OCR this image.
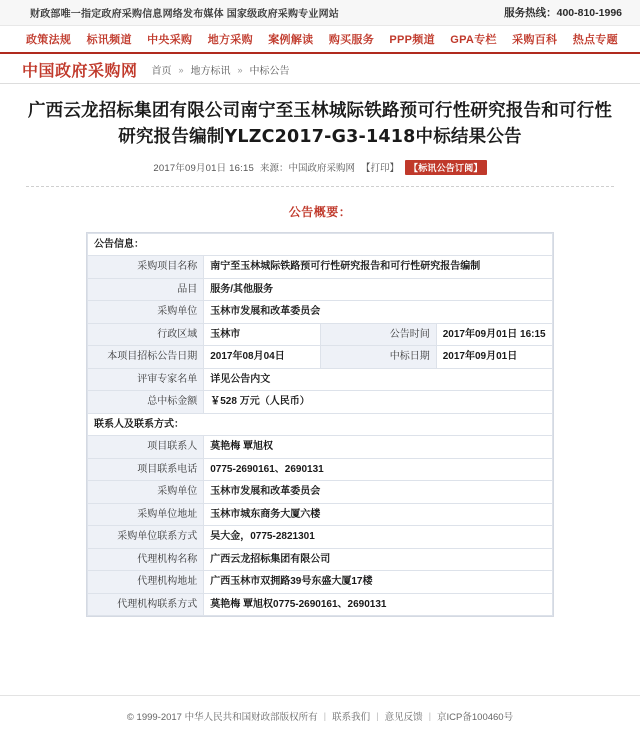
财政部唯一指定政府采购信息网络发布媒体 国家级政府采购专业网站	服务热线：400-810-1996
政策法规 标讯频道 中央采购 地方采购 案例解读 购买服务 PPP频道 GPA专栏 采购百科 热点专题
中国政府采购网 首页 » 地方标讯 » 中标公告
广西云龙招标集团有限公司南宁至玉林城际铁路预可行性研究报告和可行性研究报告编制YLZC2017-G3-1418中标结果公告
2017年09月01日 16:15 来源：中国政府采购网 【打印】	【标讯公告订阅】
公告概要：
公告信息：			
采购项目名称	南宁至玉林城际铁路预可行性研究报告和可行性研究报告编制		
品目	服务/其他服务		
采购单位	玉林市发展和改革委员会		
行政区域	玉林市	公告时间	2017年09月01日 16:15
本项目招标公告日期	2017年08月04日	中标日期	2017年09月01日
评审专家名单	详见公告内文		
总中标金额	￥528 万元（人民币）		
联系人及联系方式：			
项目联系人	莫艳梅 覃旭权		
项目联系电话	0775-2690161、2690131		
采购单位	玉林市发展和改革委员会		
采购单位地址	玉林市城东商务大厦六楼		
采购单位联系方式	吴大金，0775-2821301		
代理机构名称	广西云龙招标集团有限公司		
代理机构地址	广西玉林市双拥路39号东盛大厦17楼		
代理机构联系方式	莫艳梅 覃旭权0775-2690161、2690131		
© 1999-2017 中华人民共和国财政部版权所有 | 联系我们 | 意见反馈 | 京ICP备100460号
